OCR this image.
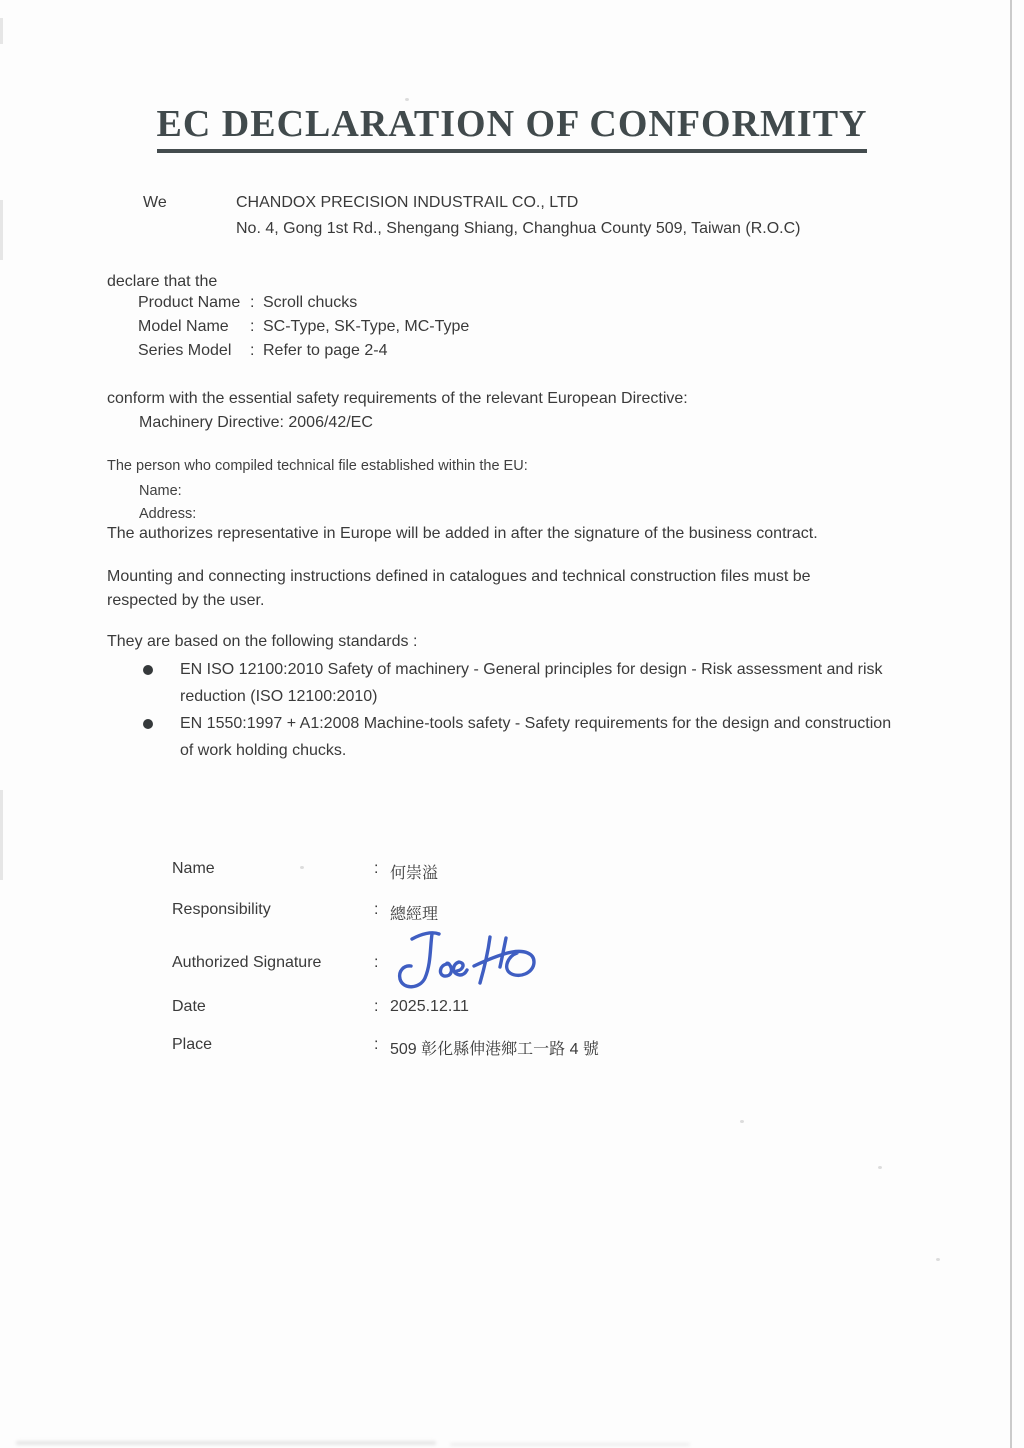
EC DECLARATION OF CONFORMITY
We	CHANDOX PRECISION INDUSTRAIL CO., LTD
No. 4, Gong 1st Rd., Shengang Shiang, Changhua County 509, Taiwan (R.O.C)
declare that the
Product Name : Scroll chucks
Model Name : SC-Type, SK-Type, MC-Type
Series Model : Refer to page 2-4
conform with the essential safety requirements of the relevant European Directive:
Machinery Directive: 2006/42/EC
The person who compiled technical file established within the EU:
Name:
Address:
The authorizes representative in Europe will be added in after the signature of the business contract.
Mounting and connecting instructions defined in catalogues and technical construction files must be respected by the user.
They are based on the following standards :
EN ISO 12100:2010 Safety of machinery - General principles for design - Risk assessment and risk reduction (ISO 12100:2010)
EN 1550:1997 + A1:2008 Machine-tools safety - Safety requirements for the design and construction of work holding chucks.
Name	: 何崇溢
Responsibility	: 總經理
Authorized Signature	:
Date	: 2025.12.11
Place	: 509 彰化縣伸港鄉工一路 4 號
